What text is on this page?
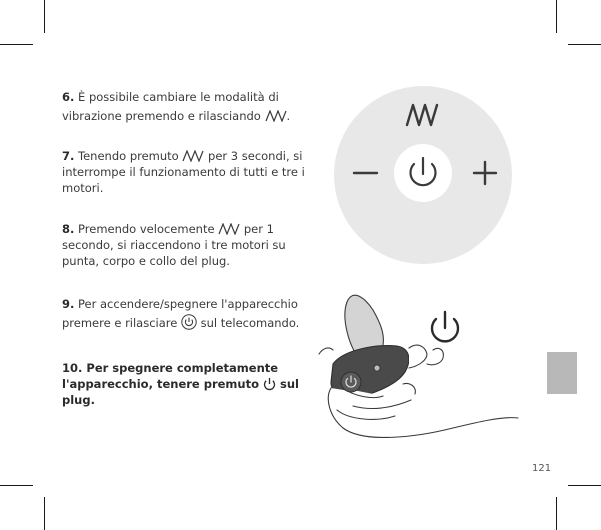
6. È possibile cambiare le modalità di vibrazione premendo e rilasciando .
7. Tenendo premuto	per 3 secondi, si interrompe il funzionamento di tutti e tre i motori.
8. Premendo velocemente	per 1 secondo, si riaccendono i tre motori su punta, corpo e collo del plug.
9. Per accendere/spegnere l'apparecchio premere e rilasciare sul telecomando.
10. Per spegnere completamente l'apparecchio, tenere premuto sul plug.
121
